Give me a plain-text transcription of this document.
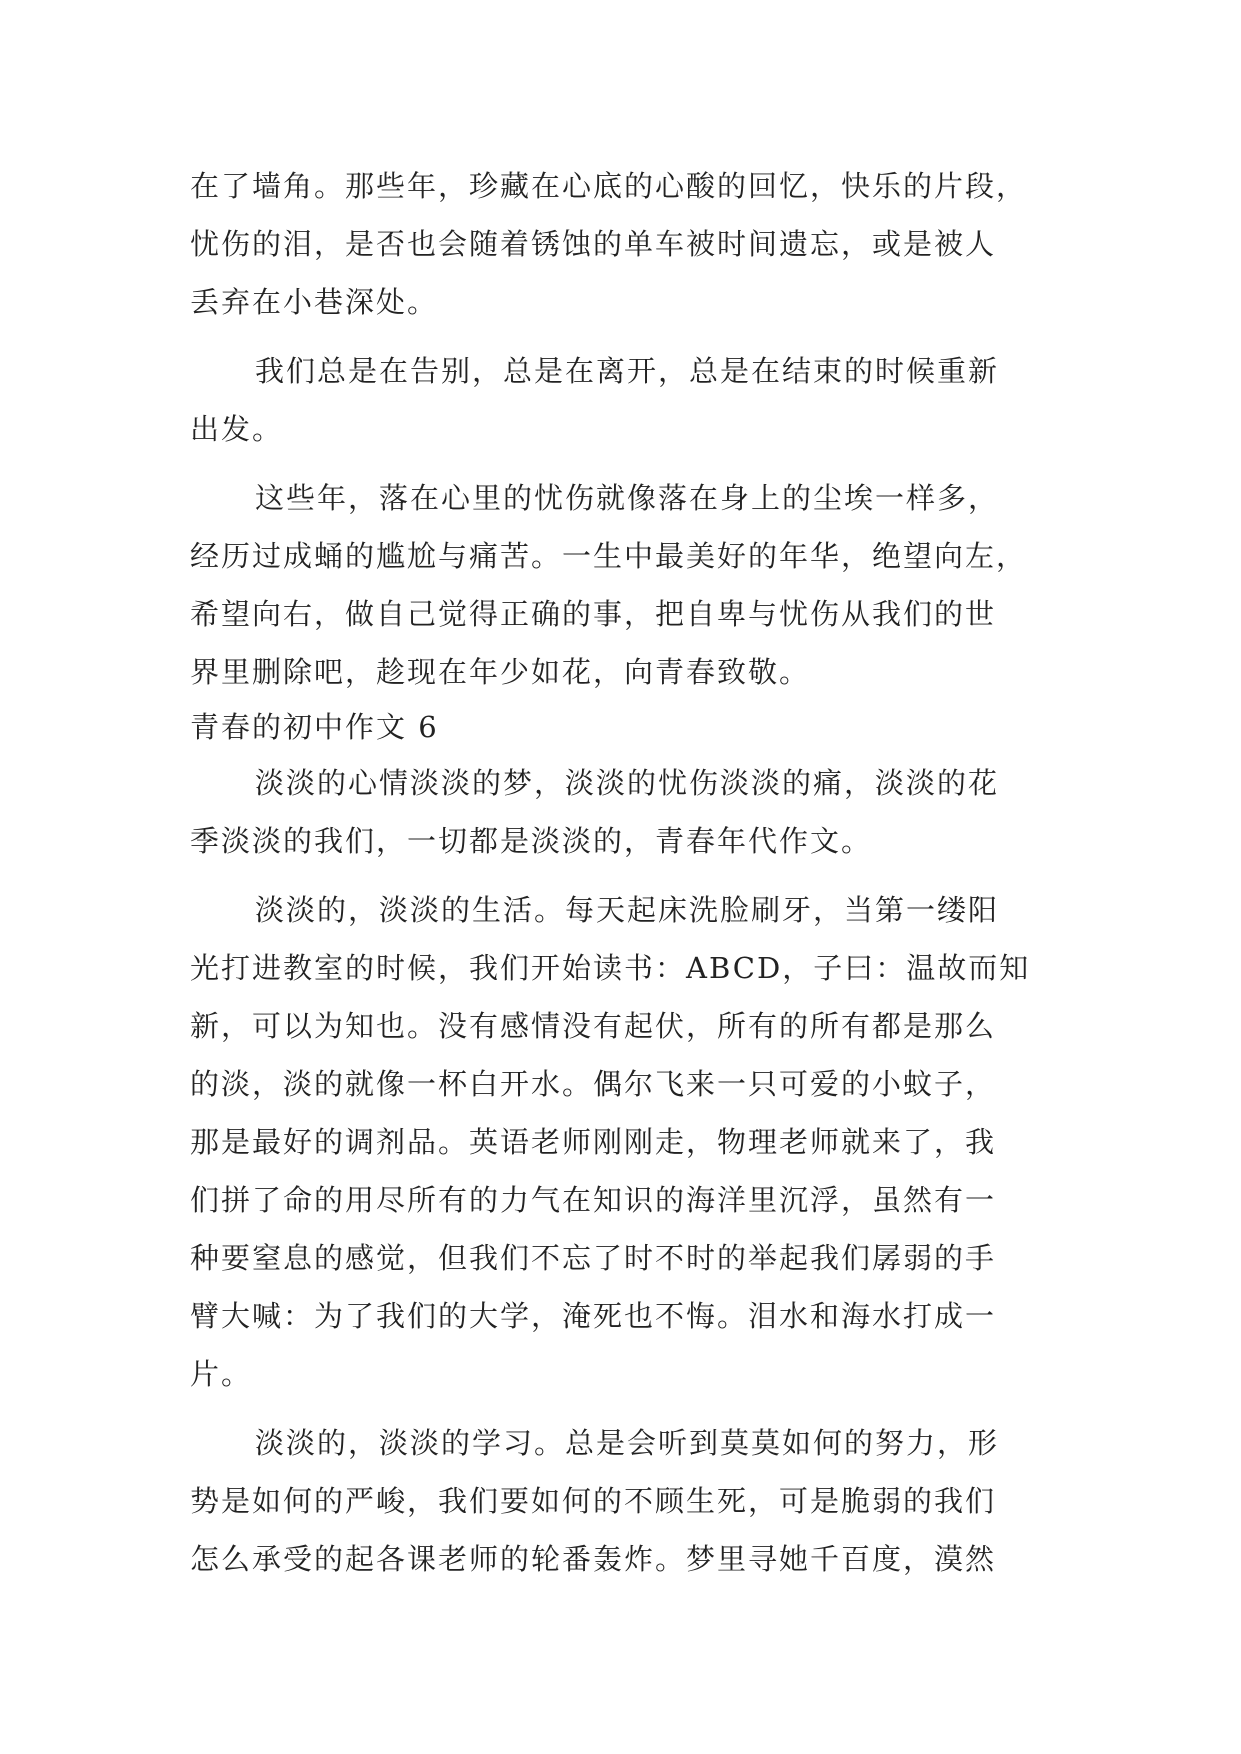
在了墙角。那些年，珍藏在心底的心酸的回忆，快乐的片段，
忧伤的泪，是否也会随着锈蚀的单车被时间遗忘，或是被人
丢弃在小巷深处。
我们总是在告别，总是在离开，总是在结束的时候重新
出发。
这些年，落在心里的忧伤就像落在身上的尘埃一样多，
经历过成蛹的尴尬与痛苦。一生中最美好的年华，绝望向左，
希望向右，做自己觉得正确的事，把自卑与忧伤从我们的世
界里删除吧，趁现在年少如花，向青春致敬。
青春的初中作文 6
淡淡的心情淡淡的梦，淡淡的忧伤淡淡的痛，淡淡的花
季淡淡的我们，一切都是淡淡的，青春年代作文。
淡淡的，淡淡的生活。每天起床洗脸刷牙，当第一缕阳
光打进教室的时候，我们开始读书：ABCD，子曰：温故而知
新，可以为知也。没有感情没有起伏，所有的所有都是那么
的淡，淡的就像一杯白开水。偶尔飞来一只可爱的小蚊子，
那是最好的调剂品。英语老师刚刚走，物理老师就来了，我
们拼了命的用尽所有的力气在知识的海洋里沉浮，虽然有一
种要窒息的感觉，但我们不忘了时不时的举起我们孱弱的手
臂大喊：为了我们的大学，淹死也不悔。泪水和海水打成一
片。
淡淡的，淡淡的学习。总是会听到莫莫如何的努力，形
势是如何的严峻，我们要如何的不顾生死，可是脆弱的我们
怎么承受的起各课老师的轮番轰炸。梦里寻她千百度，漠然
